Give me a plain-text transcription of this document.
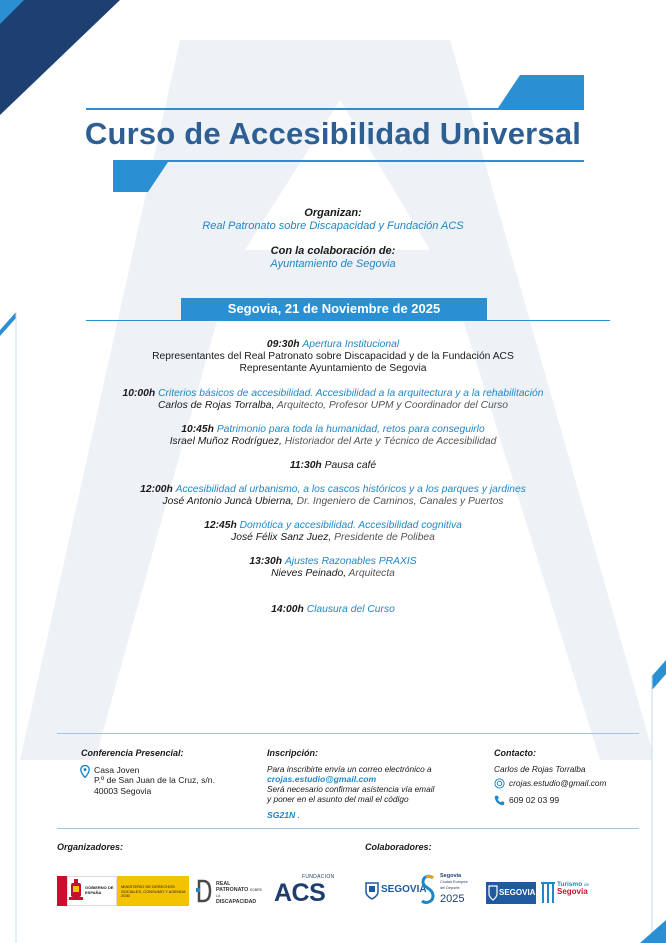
Curso de Accesibilidad Universal
Organizan:
Real Patronato sobre Discapacidad y Fundación ACS
Con la colaboración de:
Ayuntamiento de Segovia
Segovia, 21 de Noviembre de 2025
09:30h Apertura Institucional
Representantes del Real Patronato sobre Discapacidad y de la Fundación ACS
Representante Ayuntamiento de Segovia
10:00h Criterios básicos de accesibilidad. Accesibilidad a la arquitectura y a la rehabilitación
Carlos de Rojas Torralba, Arquitecto, Profesor UPM y Coordinador del Curso
10:45h Patrimonio para toda la humanidad, retos para conseguirlo
Israel Muñoz Rodríguez, Historiador del Arte y Técnico de Accesibilidad
11:30h Pausa café
12:00h Accesibilidad al urbanismo, a los cascos históricos y a los parques y jardines
José Antonio Juncà Ubierna, Dr. Ingeniero de Caminos, Canales y Puertos
12:45h Domótica y accesibilidad. Accesibilidad cognitiva
José Félix Sanz Juez, Presidente de Polibea
13:30h Ajustes Razonables PRAXIS
Nieves Peinado, Arquitecta
14:00h Clausura del Curso
Conferencia Presencial:
Casa Joven
P.º de San Juan de la Cruz, s/n.
40003 Segovia
Inscripción:
Para inscribirte envía un correo electrónico a
crojas.estudio@gmail.com
Será necesario confirmar asistencia vía email
y poner en el asunto del mail el código
SG21N .
Contacto:
Carlos de Rojas Torralba
crojas.estudio@gmail.com
609 02 03 99
Organizadores:	Colaboradores:
GOBIERNO DE ESPAÑA
MINISTERIO DE DERECHOS SOCIALES, CONSUMO Y AGENDA 2030
REAL
PATRONATO SOBRE LA
DISCAPACIDAD
FUNDACION
ACS	SEGOVIA
Segovia
Ciudad Europea
del Deporte
2025
SEGOVIA
Turismo de
Segovia
